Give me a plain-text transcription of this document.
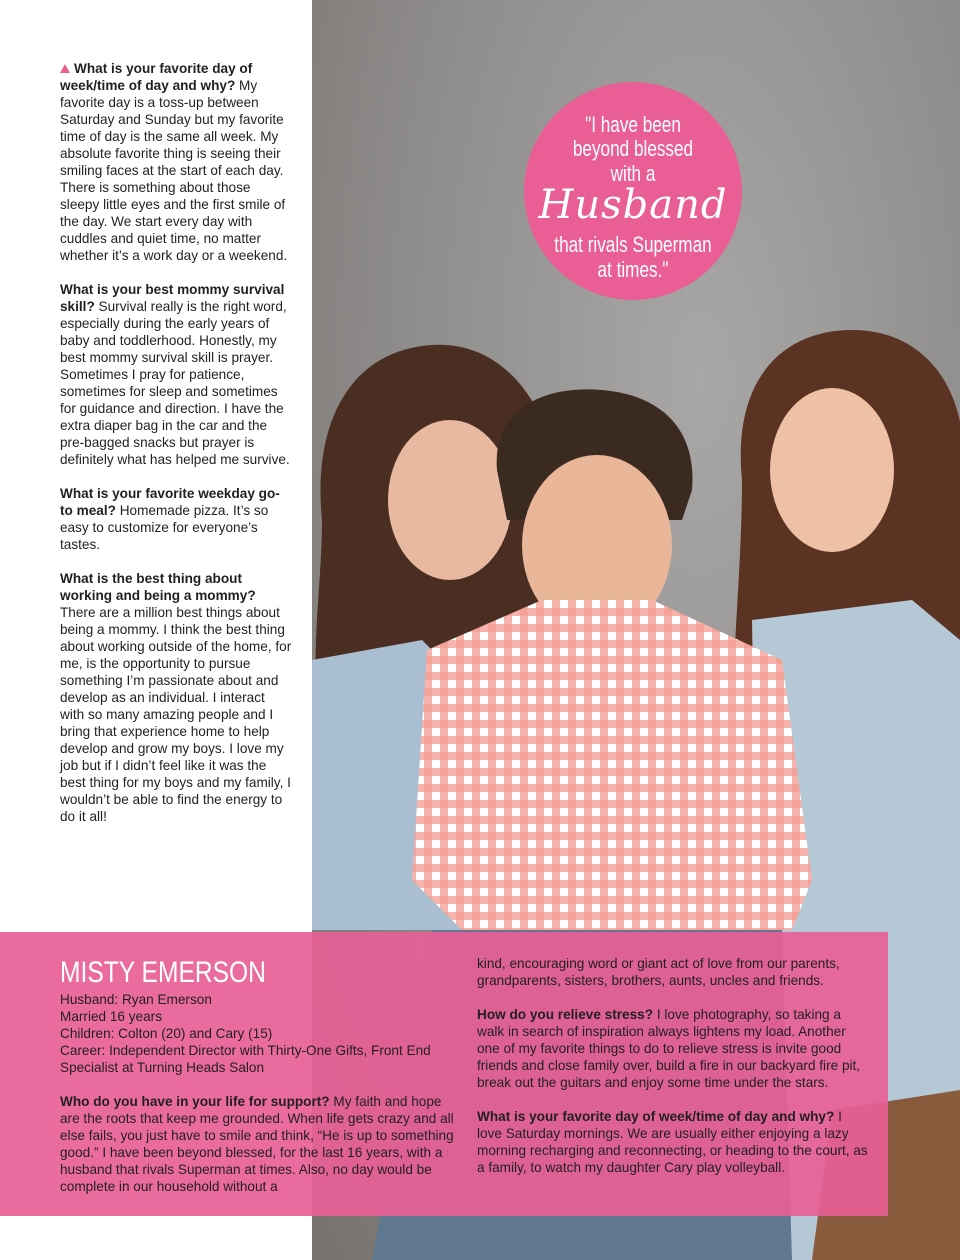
"I have been
beyond blessed
with a
Husband
that rivals Superman
at times."
What is your favorite day of week/time of day and why? My favorite day is a toss-up between Saturday and Sunday but my favorite time of day is the same all week. My absolute favorite thing is seeing their smiling faces at the start of each day. There is something about those sleepy little eyes and the first smile of the day. We start every day with cuddles and quiet time, no matter whether it’s a work day or a weekend.
What is your best mommy survival skill? Survival really is the right word, especially during the early years of baby and toddlerhood. Honestly, my best mommy survival skill is prayer. Sometimes I pray for patience, sometimes for sleep and sometimes for guidance and direction. I have the extra diaper bag in the car and the pre-bagged snacks but prayer is definitely what has helped me survive.
What is your favorite weekday go-to meal? Homemade pizza. It’s so easy to customize for everyone’s tastes.
What is the best thing about working and being a mommy? There are a million best things about being a mommy. I think the best thing about working outside of the home, for me, is the opportunity to pursue something I’m passionate about and develop as an individual. I interact with so many amazing people and I bring that experience home to help develop and grow my boys. I love my job but if I didn’t feel like it was the best thing for my boys and my family, I wouldn’t be able to find the energy to do it all!
MISTY EMERSON
Husband: Ryan Emerson
Married 16 years
Children: Colton (20) and Cary (15)
Career: Independent Director with Thirty-One Gifts, Front End Specialist at Turning Heads Salon
Who do you have in your life for support? My faith and hope are the roots that keep me grounded. When life gets crazy and all else fails, you just have to smile and think, “He is up to something good.” I have been beyond blessed, for the last 16 years, with a husband that rivals Superman at times. Also, no day would be complete in our household without a
kind, encouraging word or giant act of love from our parents, grandparents, sisters, brothers, aunts, uncles and friends.
How do you relieve stress? I love photography, so taking a walk in search of inspiration always lightens my load. Another one of my favorite things to do to relieve stress is invite good friends and close family over, build a fire in our backyard fire pit, break out the guitars and enjoy some time under the stars.
What is your favorite day of week/time of day and why? I love Saturday mornings. We are usually either enjoying a lazy morning recharging and reconnecting, or heading to the court, as a family, to watch my daughter Cary play volleyball.
